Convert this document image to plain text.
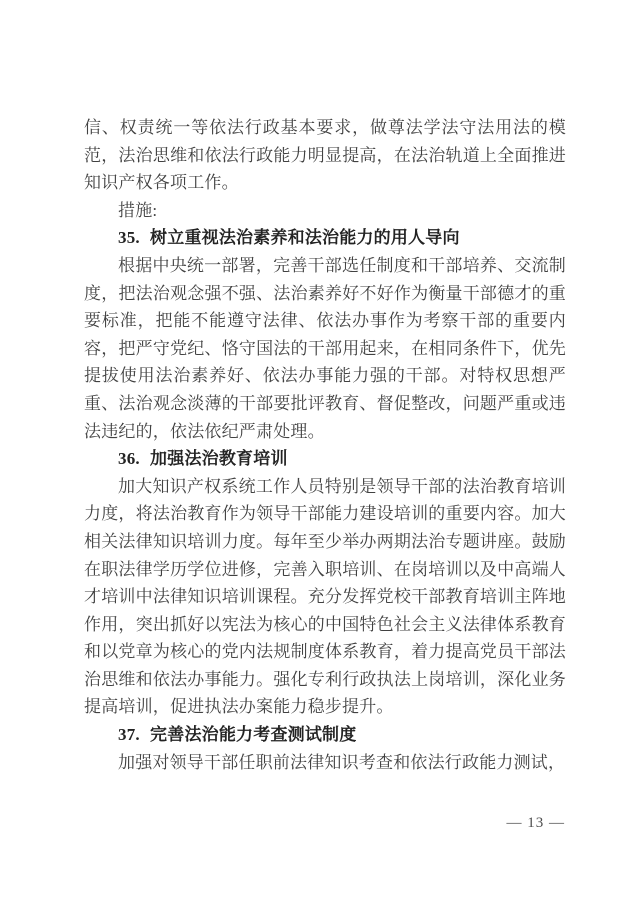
信、权责统一等依法行政基本要求，做尊法学法守法用法的模范，法治思维和依法行政能力明显提高，在法治轨道上全面推进知识产权各项工作。

措施:

35. 树立重视法治素养和法治能力的用人导向

根据中央统一部署，完善干部选任制度和干部培养、交流制度，把法治观念强不强、法治素养好不好作为衡量干部德才的重要标准，把能不能遵守法律、依法办事作为考察干部的重要内容，把严守党纪、恪守国法的干部用起来，在相同条件下，优先提拔使用法治素养好、依法办事能力强的干部。对特权思想严重、法治观念淡薄的干部要批评教育、督促整改，问题严重或违法违纪的，依法依纪严肃处理。

36. 加强法治教育培训

加大知识产权系统工作人员特别是领导干部的法治教育培训力度，将法治教育作为领导干部能力建设培训的重要内容。加大相关法律知识培训力度。每年至少举办两期法治专题讲座。鼓励在职法律学历学位进修，完善入职培训、在岗培训以及中高端人才培训中法律知识培训课程。充分发挥党校干部教育培训主阵地作用，突出抓好以宪法为核心的中国特色社会主义法律体系教育和以党章为核心的党内法规制度体系教育，着力提高党员干部法治思维和依法办事能力。强化专利行政执法上岗培训，深化业务提高培训，促进执法办案能力稳步提升。

37. 完善法治能力考查测试制度

加强对领导干部任职前法律知识考查和依法行政能力测试，

— 13 —
